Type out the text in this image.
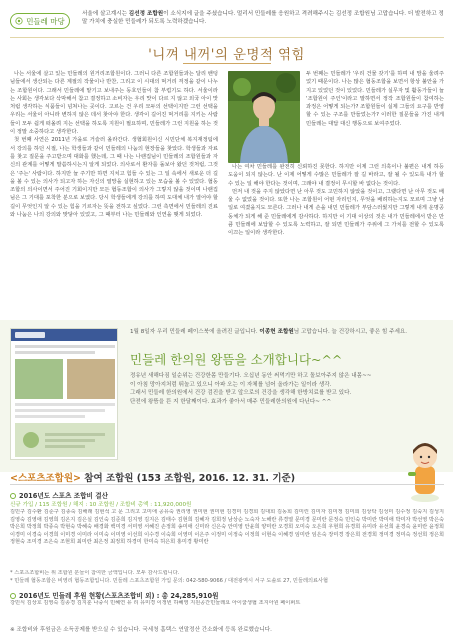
민들레 마당
서울에 살고계시는 김선정 조합원이 소식지에 글을 주셨습니다. 멀리서 민들레를 응원하고 격려해주시는 김선정 조합원님 고맙습니다. 더 발전하고 정말 가치에 충실한 민들레가 되도록 노력하겠습니다.
'니껴 내꺼'의 운명적 엮힘

나는 서울에 살고 있는 민들레의 원거리조합원이다. 그러니 다른 조합원들과는 달리 밴텅님들에서 생산되는 다른 계절의 작물이나 반찬, 그리고 이 시대의 먹거리 걱정을 같이 나누는 조합원이다. 그래서 민들레에 맡기고 보내주는 동호인들이 참 부럽기도 하다. 서울이라는 사회는 생각보다 삭막해서 참고 결정하고 소비자는 우리 맛이 다르 지 않고 외국 아이 맛처럼 생각하는 식품들이 넘쳐나는 곳이다. 고르는 건 우리 모두의 선택이지만 그런 선택을 우리는 서울이 아니라 변하지 않은 데서 찾아야 한다. 생각이 길어진 먹거리를 지키는 사람들이 모두 쉽게 떠올려 지는 선택을 하도록 지원이 필요하며, 민들레가 그런 지원을 하는 것이 정말 소중하다고 생각한다.

첫 번째 사연은 2011년 가을로 거슬러 올라간다. 생협회원이신 시민단체 복지재정팀에서 강의를 하던 시절, 나는 학생들과 같이 민들레의 나눔의 현장들을 찾았다. 학생들과 자료를 찾고 질문을 주고받으며 대화를 했는데, 그 때 나는 나랜집님이 민들레의 조합원들과 자신의 관계를 어떻게 말씀하시는지 알게 되었다. 의사로서 환자를 돌보아 왔던 것처럼, 그것은 '주는' 사람이다. 하지만 늘 주기만 하면 지치고 힘들 수 있는 그 일 속에서 새로운 더 길 을 볼 수 있는 의사가 되고자 하는 자신의 열망을 실현하고 있는 모습을 볼 수 있었다. 협동조합의 의사이면서 주어진 기회이지만 모든 협동조합이 의사가 그렇지 않을 것이며 나랜집님은 그 기대를 포착한 분으로 보였다. 당시 학생들에게 강의를 하며 도대체 내가 열어야 할 길이 무엇인지 알 수 있는 힘을 기르자는 뜻을 전하고 싶었다. 그런 측면에서 민들레의 진료와 나눔은 나의 강의와 맞닿아 있었고, 그 때부터 나는 민들레와 인연을 맺게 되었다.

두 번째는 민들레가 '우리 건물 갖기'를 하며 내 맘을 울려주었기 때문이다. 나는 많은 협동조합을 보면서 항상 불안을 가지고 있었던 것이 있었다. 민들레가 실무자 및 활동가들이 늘 '조합원이 주인'이라고 말하면서 정작 조합원들이 참여하는 과정은 어떻게 되는가? 조합원들이 실제 그들의 요구를 반영할 수 있는 구조를 만들었는가? 이러한 질문들을 가진 내게 민들레는 대답 대신 행동으로 보여주었다.

나는 여차 민들레를 완전히 신뢰하진 못한다. 하지만 이제 그런 의혹이나 불편은 내게 하등 도움이 되지 않는다. 난 이제 어떻게 수많은 민들레가 잘 길 바라고, 잘 될 수 있도록 내가 할 수 있는 일 해야 한다는 것이며, 그래야 내 결정이 무시할 바 없다는 것이다.

먼저 내 것을 주지 않았다면 난 아무 것도 고민하지 않았을 것이고, 그랬다면 난 아무 것도 배울 수 없었을 것이다. 또한 나는 조합원이 어떤 자리인지, 무엇을 배려하는지도 모르며 그냥 남일로 여겼을지도 모른다. 그러나 내게 손을 내민 민들레가 부담스러웠지만 그렇게 내게 운명공동체가 되게 해 준 민들레에게 감사하다. 하지만 이 기대 이상의 것은 내가 민들레에서 받은 만큼 민들레에 보답할 수 있도록 노력하고, 잘 되면 민들레가 주위에 그 가치를 전할 수 있도록 이끄는 일이라 생각한다.

1월 8일자 우리 민들레 페이스북에 올려진 글입니다. 이종헌 조합원님 고맙습니다. 늘 건강하시고, 좋은 힘 주세요.
민들레 한의원 왕뜸을 소개합니다~^^
정유년 새해다짐 일순위는 건강한몸 만들기다. 오십년 동안 써먹기만 하고 돌보아주지 않은 내몸~~
이 아침 망아지처럼 뛰놀고 있으니 아파 오는 이 자체를 넘어 올라가는 일이라 생각.
그래서 민들레 한의원에서 건강 검진을 받고 앞으로의 건강을 생각해 한방치료를 받고 있다.
단전에 왕뜸을 뜬 지 한달째이다. 효과가 좋아서 매주 민들레한의원에 다닌다~ ^^
<스포츠조합원> 참여 조합원 (153 조합원, 2016. 12. 31. 기준)
2016년도 스포츠 조합비 결산
신규 가입 / 115 조합원 / 해지 : 10 조합원 / 조합비 총액 : 11,920,000원
김민구 김수환 김준구 김종숙 김해래 김현석 고 문 그리고 고미애 공유숙 권리영 권미현 권미현 김경미 김경희 김대희 김동희 김미린 김미자 김미정 김미희 김상탁 김성미 김수정 김숙지 김성지 김영숙 김영애 김영희 김온지 김은실 김인숙 김준희 김지영 김지은 김태수 김현희 김혜자 김희정 남상순 노숙자 노해란 류경열 문미경 문미란 문정숙 민인숙 박미란 박미애 박미자 박선영 박은숙 박은희 박정희 박종숙 박현숙 박혜숙 배경화 백미경 서미영 서혜진 손정희 송미애 신미라 신은숙 안미영 안윤희 양미란 오경희 오미숙 오은희 우현희 유경희 유미라 유선희 윤경숙 윤미란 윤정희 이경미 이경숙 이경희 이미경 이미라 이미숙 이미영 이선희 이수경 이숙희 이영미 이은주 이정미 이정숙 이정희 이현숙 이혜경 임미란 임은숙 장미경 장은희 전경희 정미경 정미숙 정선희 정은희 정현숙 조미경 조은숙 조현희 최미란 최은정 최정희 하경미 한미숙 허은희 홍미경 황미란
* 스포츠조합비는 위 조합원 분들이 참여한 금액입니다. 모두 감사드립니다.
* 민들레 협동조합은 비영리 협동조합입니다. 민들레 스포츠조합원 가입 문의: 042-580-9066 / 대전광역시 서구 도솔로 27, 민들레의료사협
2016년도 민들레 후원 현황(스포츠조합비 외) : 총 24,285,910원
강민식 김상호 김영숙 김종경 김지훈 나중식 민혜연 유 리 유미경 이정빈 하혜영 지원공간민들레요 아이쿱생협 조지아원 페이퍼트
※ 조합비와 후원금은 소득공제를 받으실 수 있습니다. 국세청 홈택스 연말정산 간소화에 등록 완료했습니다.
